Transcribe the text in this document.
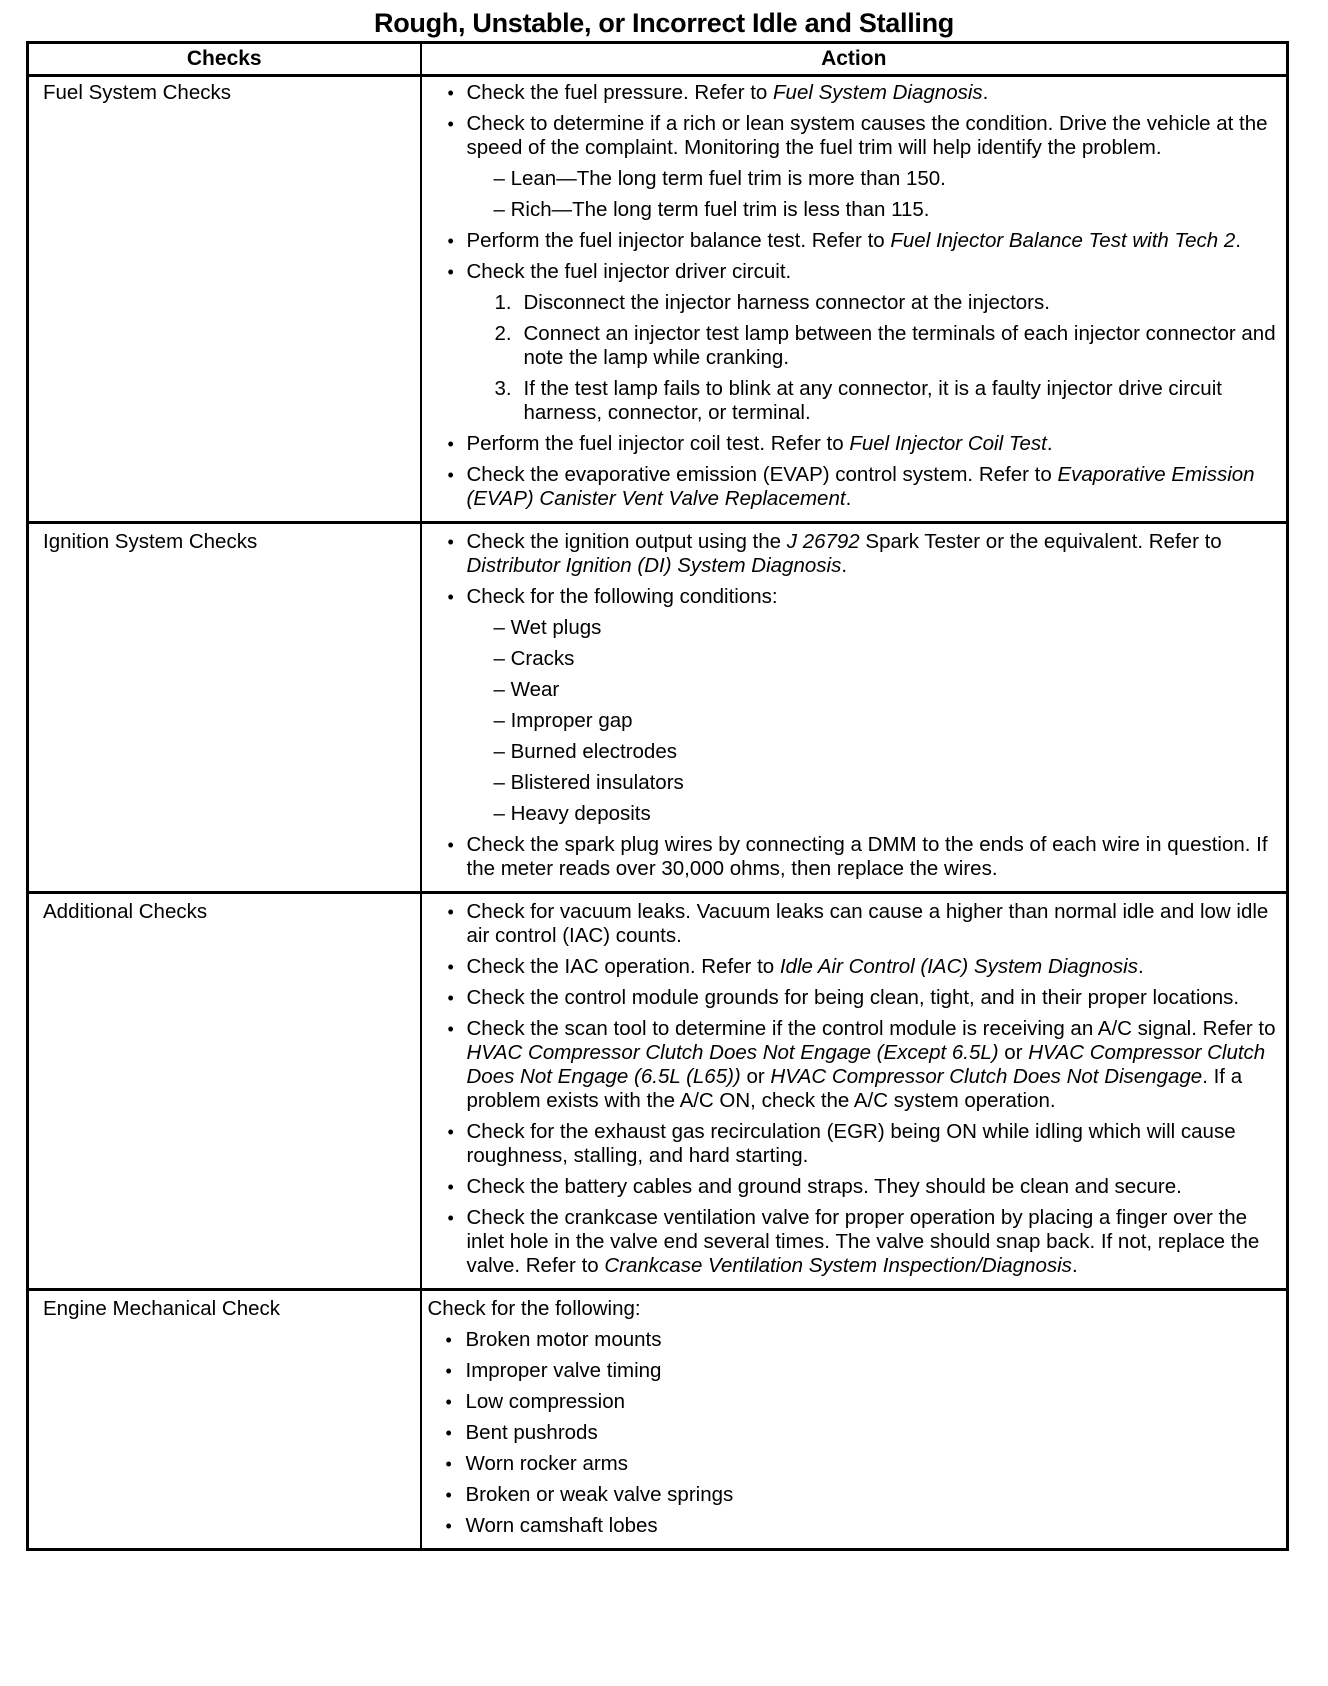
Rough, Unstable, or Incorrect Idle and Stalling
Checks	Action
Fuel System Checks	• Check the fuel pressure. Refer to Fuel System Diagnosis.
• Check to determine if a rich or lean system causes the condition. Drive the vehicle at the speed of the complaint. Monitoring the fuel trim will help identify the problem.
– Lean—The long term fuel trim is more than 150.
– Rich—The long term fuel trim is less than 115.
• Perform the fuel injector balance test. Refer to Fuel Injector Balance Test with Tech 2.
• Check the fuel injector driver circuit.
1. Disconnect the injector harness connector at the injectors.
2. Connect an injector test lamp between the terminals of each injector connector and note the lamp while cranking.
3. If the test lamp fails to blink at any connector, it is a faulty injector drive circuit harness, connector, or terminal.
• Perform the fuel injector coil test. Refer to Fuel Injector Coil Test.
• Check the evaporative emission (EVAP) control system. Refer to Evaporative Emission (EVAP) Canister Vent Valve Replacement.

Ignition System Checks	• Check the ignition output using the J 26792 Spark Tester or the equivalent. Refer to Distributor Ignition (DI) System Diagnosis.
• Check for the following conditions:
– Wet plugs
– Cracks
– Wear
– Improper gap
– Burned electrodes
– Blistered insulators
– Heavy deposits
• Check the spark plug wires by connecting a DMM to the ends of each wire in question. If the meter reads over 30,000 ohms, then replace the wires.

Additional Checks	• Check for vacuum leaks. Vacuum leaks can cause a higher than normal idle and low idle air control (IAC) counts.
• Check the IAC operation. Refer to Idle Air Control (IAC) System Diagnosis.
• Check the control module grounds for being clean, tight, and in their proper locations.
• Check the scan tool to determine if the control module is receiving an A/C signal. Refer to HVAC Compressor Clutch Does Not Engage (Except 6.5L) or HVAC Compressor Clutch Does Not Engage (6.5L (L65)) or HVAC Compressor Clutch Does Not Disengage. If a problem exists with the A/C ON, check the A/C system operation.
• Check for the exhaust gas recirculation (EGR) being ON while idling which will cause roughness, stalling, and hard starting.
• Check the battery cables and ground straps. They should be clean and secure.
• Check the crankcase ventilation valve for proper operation by placing a finger over the inlet hole in the valve end several times. The valve should snap back. If not, replace the valve. Refer to Crankcase Ventilation System Inspection/Diagnosis.

Engine Mechanical Check	Check for the following:
• Broken motor mounts
• Improper valve timing
• Low compression
• Bent pushrods
• Worn rocker arms
• Broken or weak valve springs
• Worn camshaft lobes
